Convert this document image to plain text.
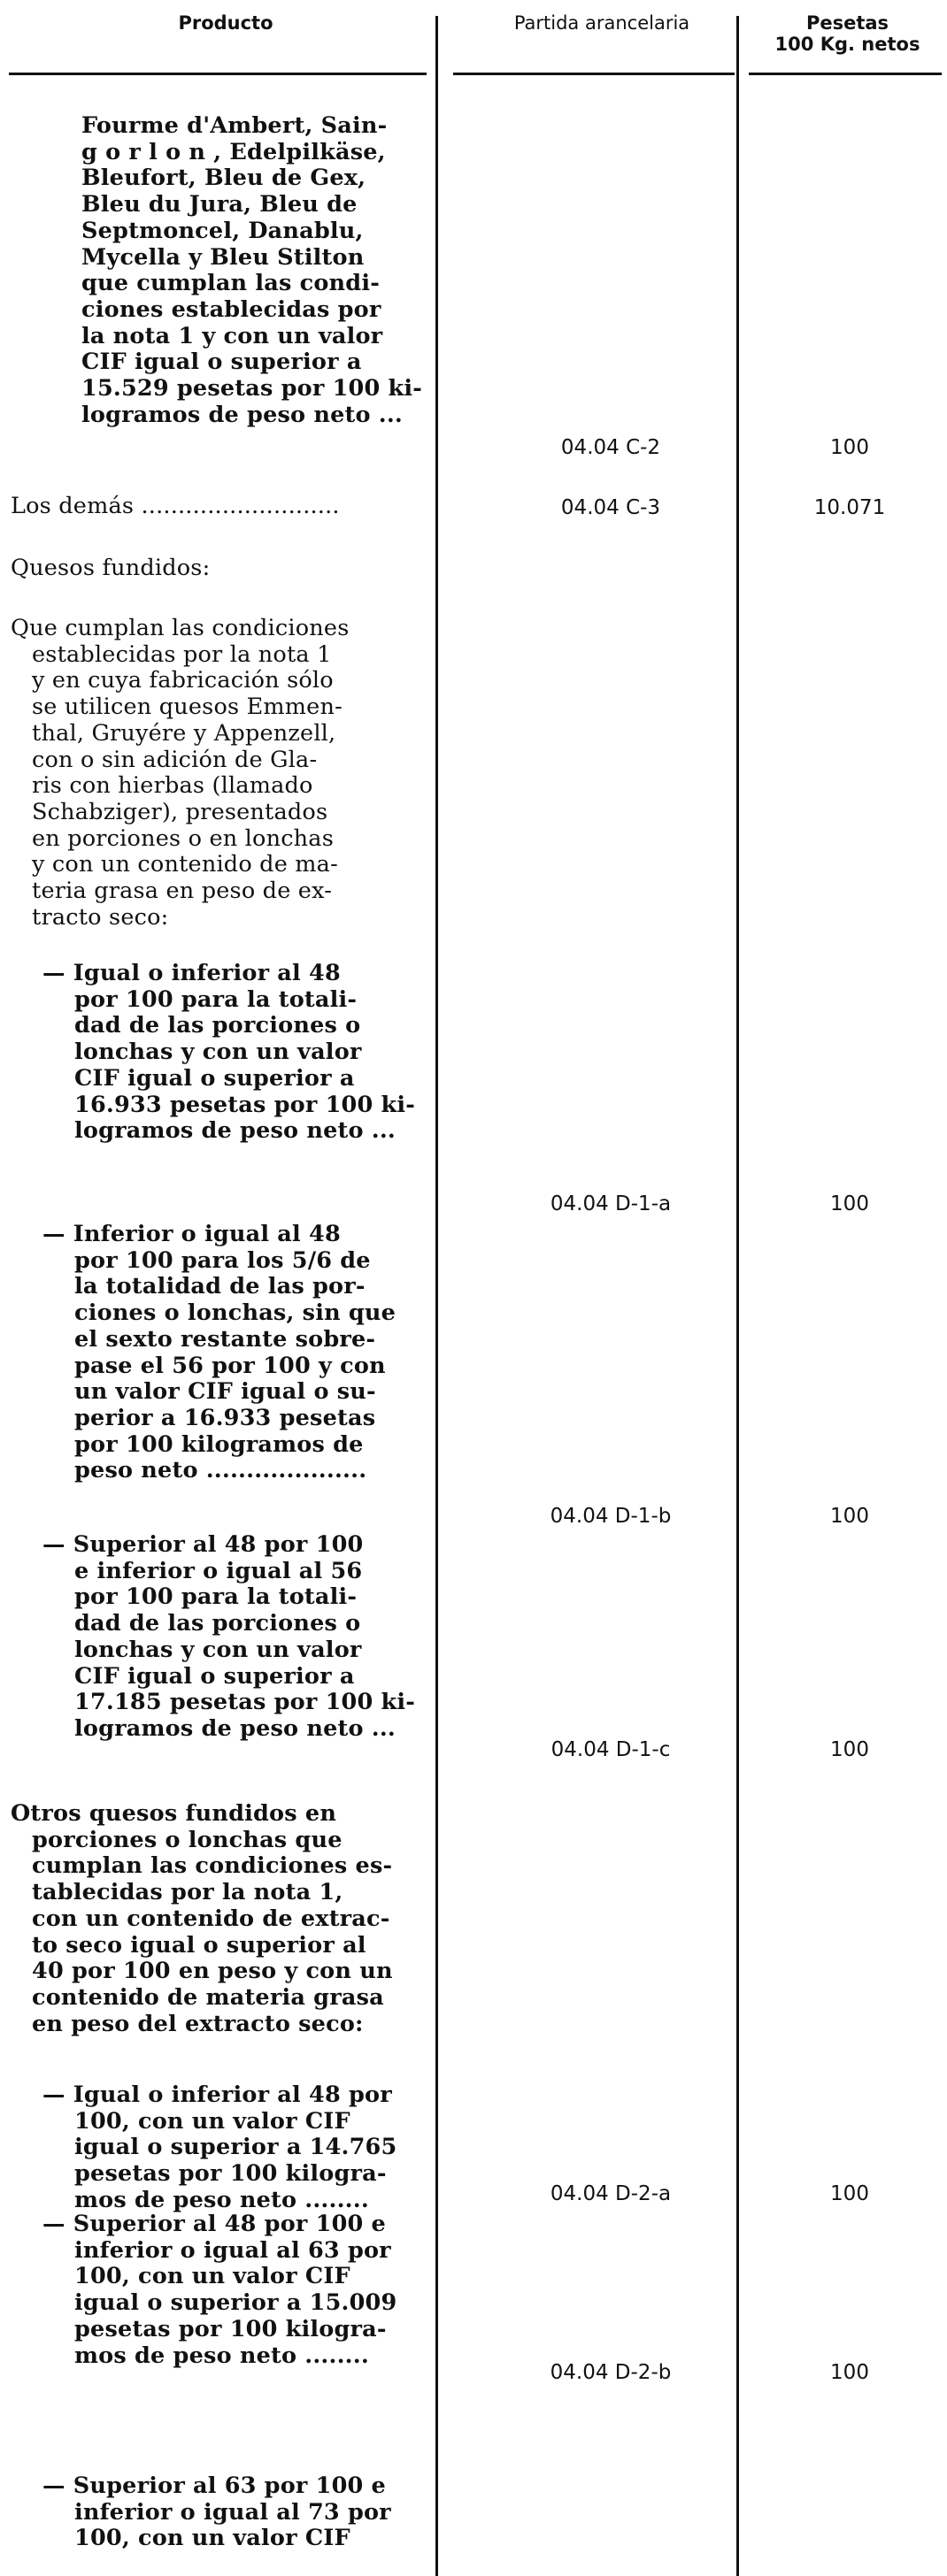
Producto	Partida arancelaria	Pesetas
100 Kg. netos
Fourme d'Ambert, Sain-
g o r l o n , Edelpilkäse,
Bleufort, Bleu de Gex,
Bleu du Jura, Bleu de
Septmoncel, Danablu,
Mycella y Bleu Stilton
que cumplan las condi-
ciones establecidas por
la nota 1 y con un valor
CIF igual o superior a
15.529 pesetas por 100 ki-
logramos de peso neto ...
04.04 C-2	100
Los demás ...........................	04.04 C-3	10.071
Quesos fundidos:
Que cumplan las condiciones
establecidas por la nota 1
y en cuya fabricación sólo
se utilicen quesos Emmen-
thal, Gruyére y Appenzell,
con o sin adición de Gla-
ris con hierbas (llamado
Schabziger), presentados
en porciones o en lonchas
y con un contenido de ma-
teria grasa en peso de ex-
tracto seco:
— Igual o inferior al 48
por 100 para la totali-
dad de las porciones o
lonchas y con un valor
CIF igual o superior a
16.933 pesetas por 100 ki-
logramos de peso neto ...
04.04 D-1-a	100
— Inferior o igual al 48
por 100 para los 5/6 de
la totalidad de las por-
ciones o lonchas, sin que
el sexto restante sobre-
pase el 56 por 100 y con
un valor CIF igual o su-
perior a 16.933 pesetas
por 100 kilogramos de
peso neto ....................
04.04 D-1-b	100
— Superior al 48 por 100
e inferior o igual al 56
por 100 para la totali-
dad de las porciones o
lonchas y con un valor
CIF igual o superior a
17.185 pesetas por 100 ki-
logramos de peso neto ...
04.04 D-1-c	100
Otros quesos fundidos en
porciones o lonchas que
cumplan las condiciones es-
tablecidas por la nota 1,
con un contenido de extrac-
to seco igual o superior al
40 por 100 en peso y con un
contenido de materia grasa
en peso del extracto seco:
— Igual o inferior al 48 por
100, con un valor CIF
igual o superior a 14.765
pesetas por 100 kilogra-
mos de peso neto ........	04.04 D-2-a	100
— Superior al 48 por 100 e
inferior o igual al 63 por
100, con un valor CIF
igual o superior a 15.009
pesetas por 100 kilogra-
mos de peso neto ........
04.04 D-2-b	100
— Superior al 63 por 100 e
inferior o igual al 73 por
100, con un valor CIF
